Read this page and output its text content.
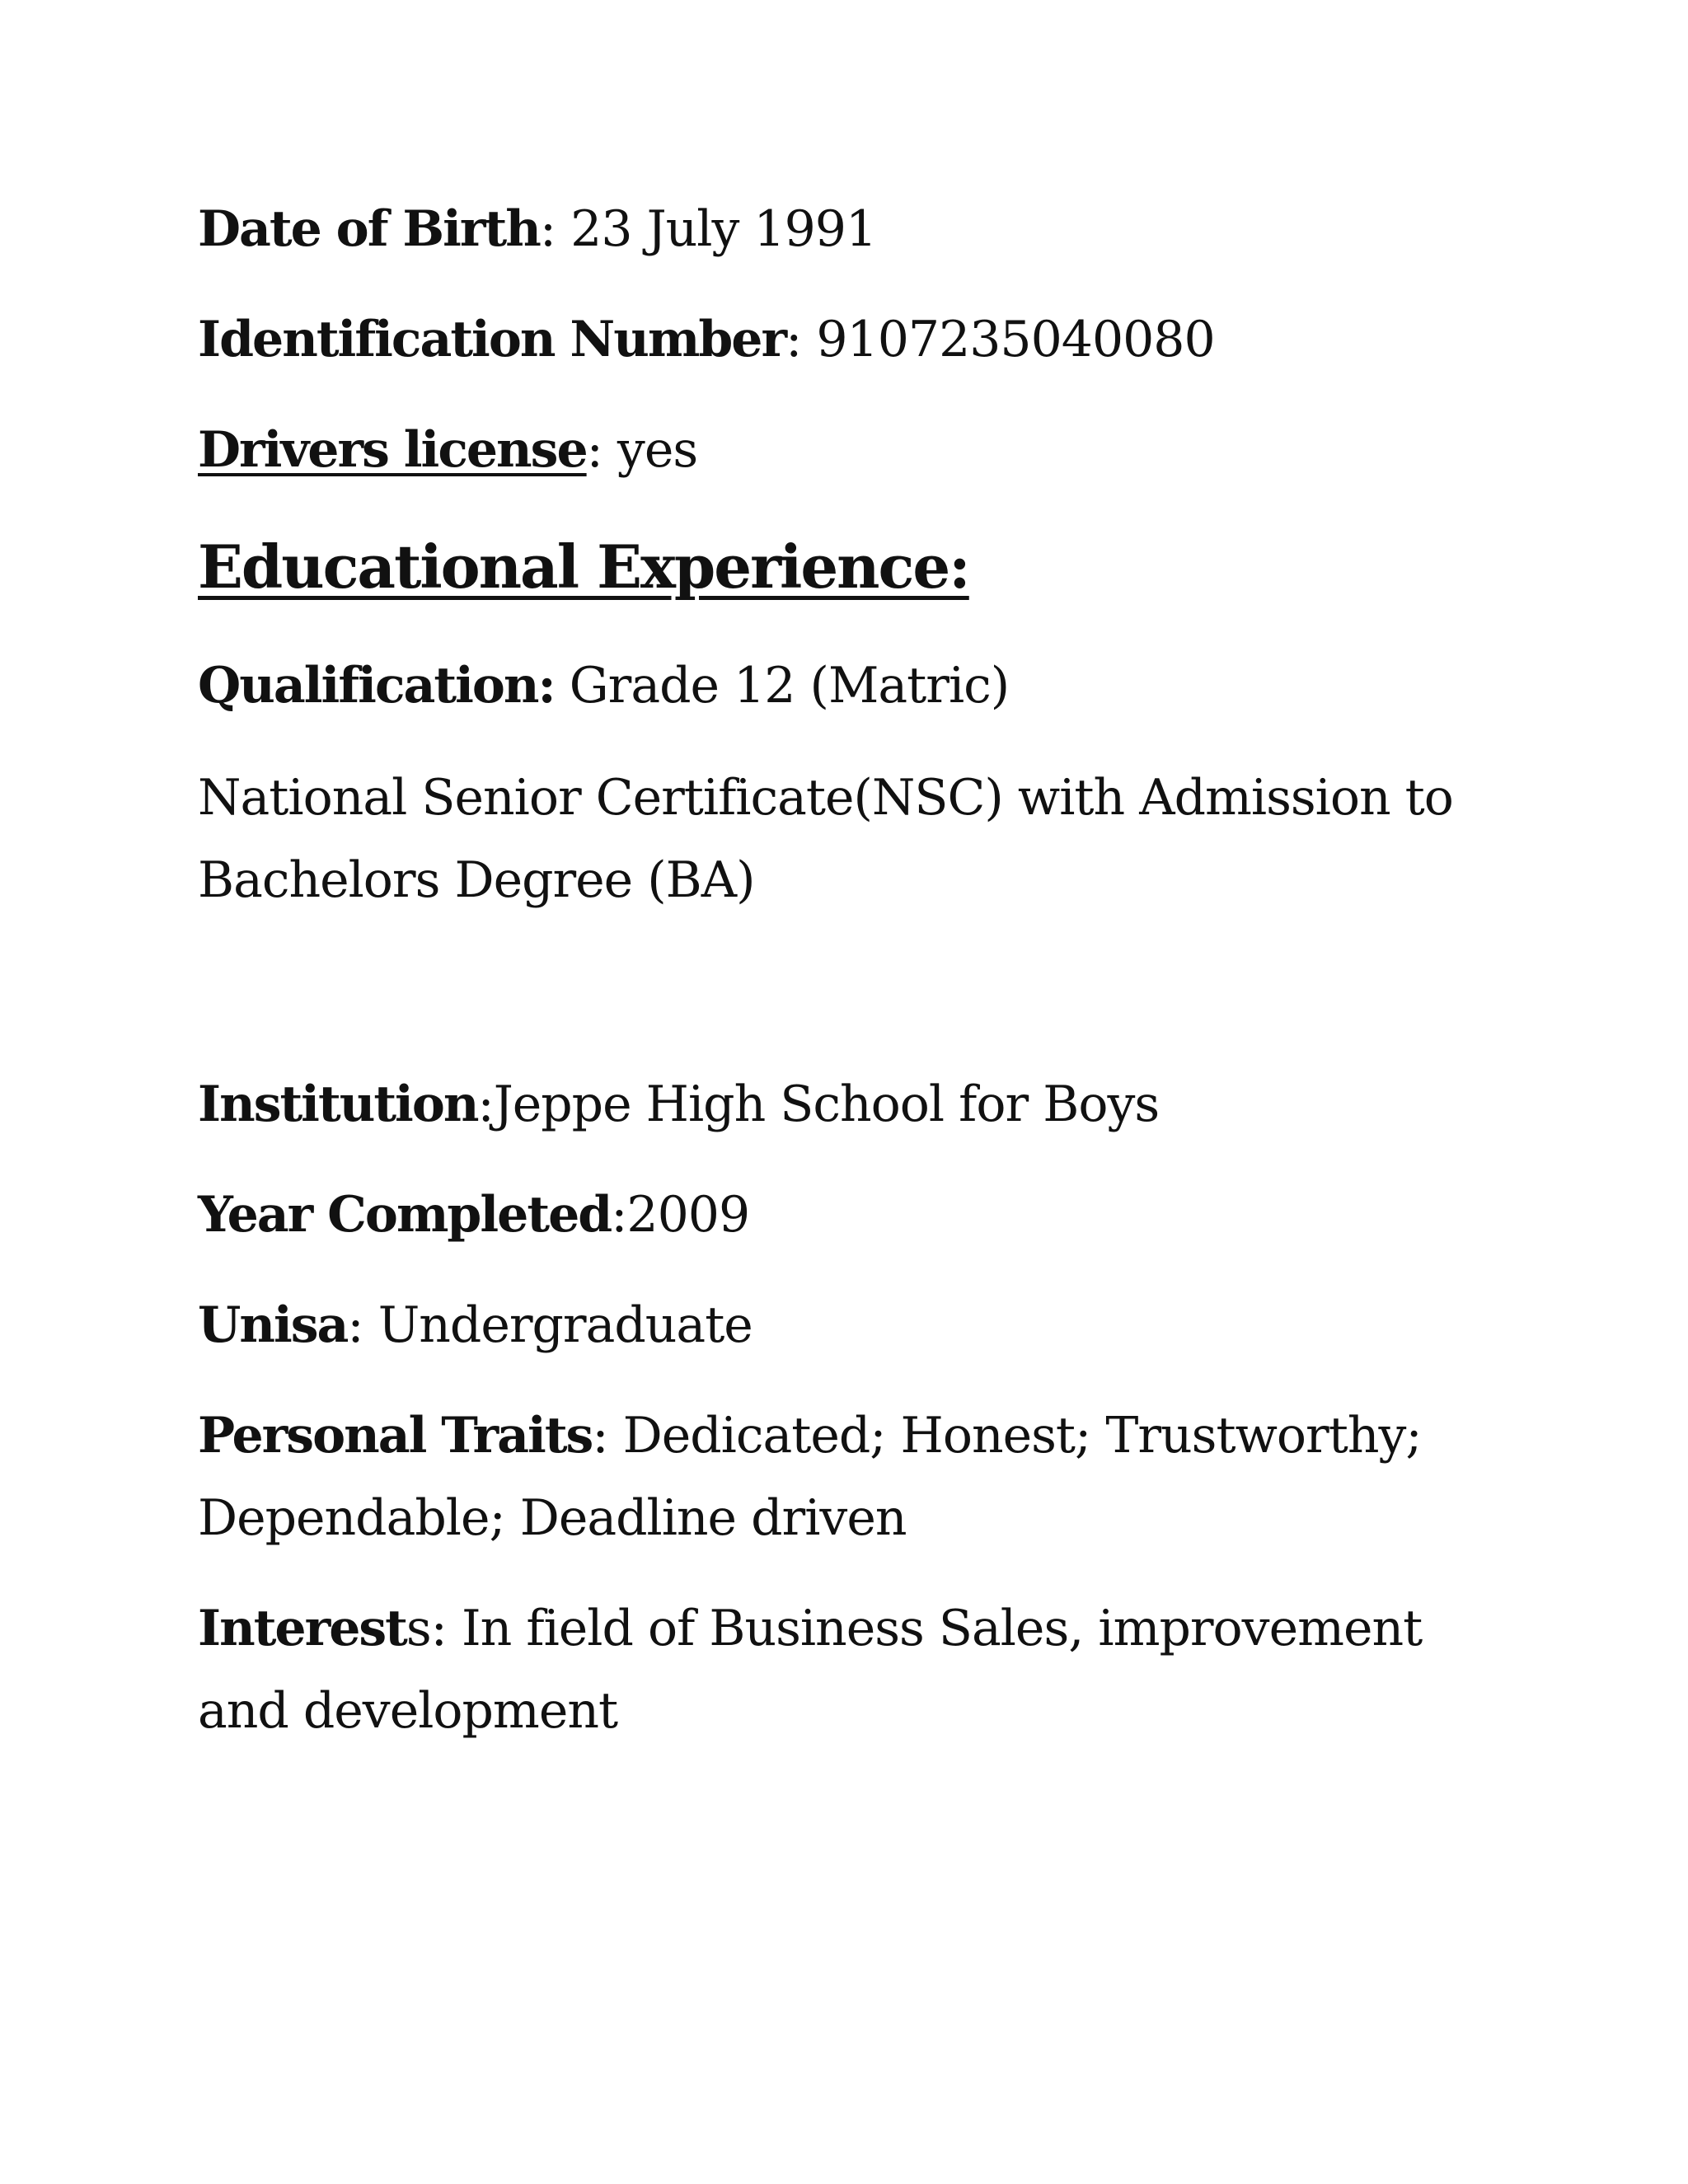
Date of Birth: 23 July 1991
Identification Number: 9107235040080
Drivers license: yes
Educational Experience:
Qualification: Grade 12 (Matric)
National Senior Certificate(NSC) with Admission to
Bachelors Degree (BA)
Institution:Jeppe High School for Boys
Year Completed:2009
Unisa: Undergraduate
Personal Traits: Dedicated; Honest; Trustworthy;
Dependable; Deadline driven
Interests: In field of Business Sales, improvement
and development
